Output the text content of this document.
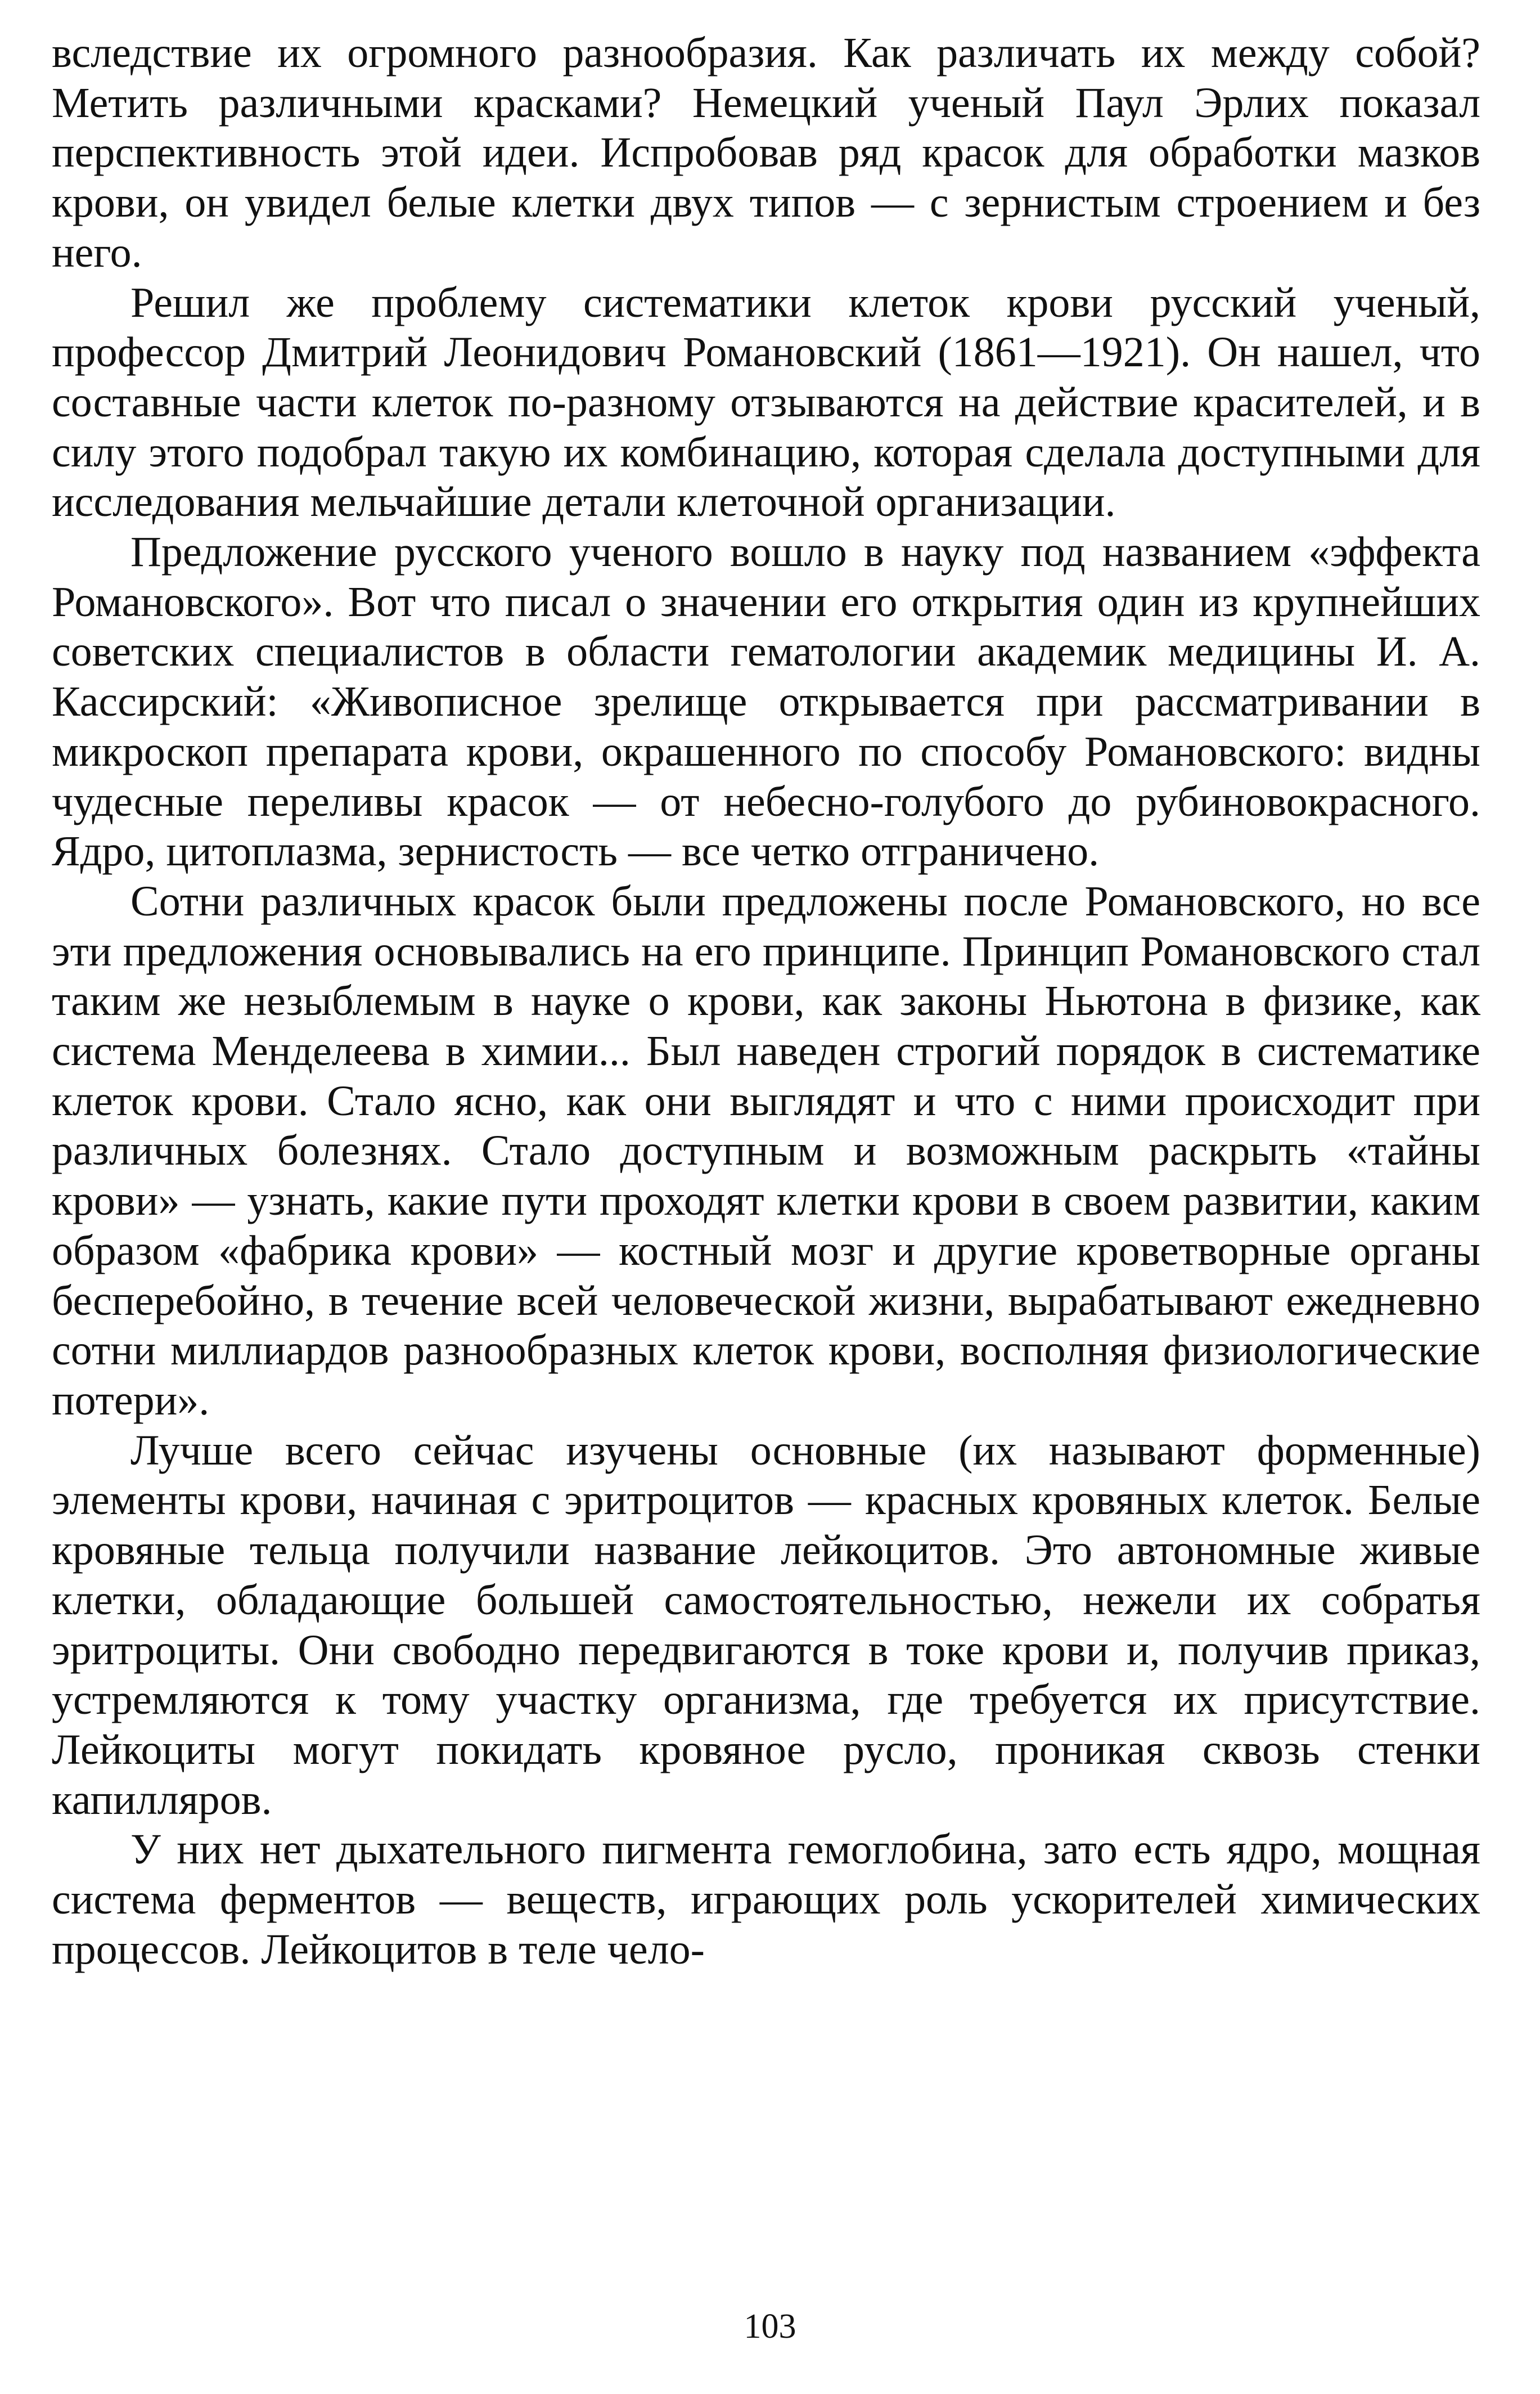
вследствие их огромного разнообразия. Как различать их между собой? Метить различными красками? Немецкий ученый Паул Эрлих показал перспективность этой идеи. Испробовав ряд красок для обработки мазков крови, он увидел белые клетки двух типов — с зернистым строением и без него.

Решил же проблему систематики клеток крови русский ученый, профессор Дмитрий Леонидович Романовский (1861—1921). Он нашел, что составные части клеток по-разному отзываются на действие красителей, и в силу этого подобрал такую их комбинацию, которая сделала доступными для исследования мельчайшие детали клеточной организации.

Предложение русского ученого вошло в науку под названием «эффекта Романовского». Вот что писал о значении его открытия один из крупнейших советских специалистов в области гематологии академик медицины И. А. Кассирский: «Живописное зрелище открывается при рассматривании в микроскоп препарата крови, окрашенного по способу Романовского: видны чудесные переливы красок — от небесно-голубого до рубиновокрасного. Ядро, цитоплазма, зернистость — все четко отграничено.

Сотни различных красок были предложены после Романовского, но все эти предложения основывались на его принципе. Принцип Романовского стал таким же незыблемым в науке о крови, как законы Ньютона в физике, как система Менделеева в химии... Был наведен строгий порядок в систематике клеток крови. Стало ясно, как они выглядят и что с ними происходит при различных болезнях. Стало доступным и возможным раскрыть «тайны крови» — узнать, какие пути проходят клетки крови в своем развитии, каким образом «фабрика крови» — костный мозг и другие кроветворные органы бесперебойно, в течение всей человеческой жизни, вырабатывают ежедневно сотни миллиардов разнообразных клеток крови, восполняя физиологические потери».

Лучше всего сейчас изучены основные (их называют форменные) элементы крови, начиная с эритроцитов — красных кровяных клеток. Белые кровяные тельца получили название лейкоцитов. Это автономные живые клетки, обладающие большей самостоятельностью, нежели их собратья эритроциты. Они свободно передвигаются в токе крови и, получив приказ, устремляются к тому участку организма, где требуется их присутствие. Лейкоциты могут покидать кровяное русло, проникая сквозь стенки капилляров.

У них нет дыхательного пигмента гемоглобина, зато есть ядро, мощная система ферментов — веществ, играющих роль ускорителей химических процессов. Лейкоцитов в теле чело-

103
